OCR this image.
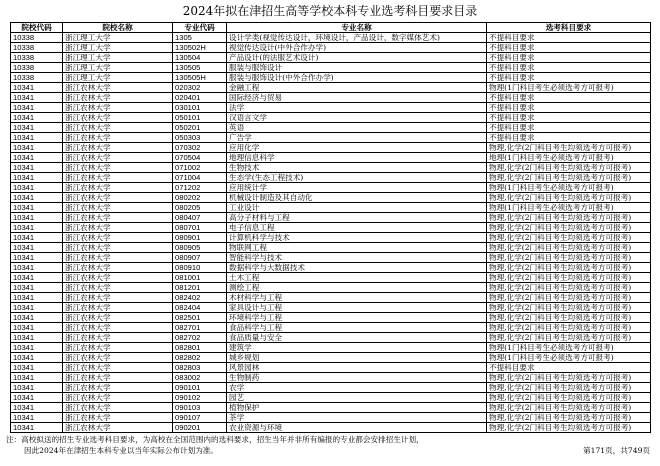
2024年拟在津招生高等学校本科专业选考科目要求目录
院校代码	院校名称	专业代码	专业名称	选考科目要求
10338	浙江理工大学	1305	设计学类(视觉传达设计，环境设计，产品设计，数字媒体艺术)	不提科目要求
10338	浙江理工大学	130502H	视觉传达设计(中外合作办学)	不提科目要求
10338	浙江理工大学	130504	产品设计(的法服艺术设计)	不提科目要求
10338	浙江理工大学	130505	服装与服饰设计	不提科目要求
10338	浙江理工大学	130505H	服装与服饰设计(中外合作办学)	不提科目要求
10341	浙江农林大学	020302	金融工程	物理(1门科目考生必须选考方可报考)
10341	浙江农林大学	020401	国际经济与贸易	不提科目要求
10341	浙江农林大学	030101	法学	不提科目要求
10341	浙江农林大学	050101	汉语言文学	不提科目要求
10341	浙江农林大学	050201	英语	不提科目要求
10341	浙江农林大学	050303	广告学	不提科目要求
10341	浙江农林大学	070302	应用化学	物理,化学(2门科目考生均须选考方可报考)
10341	浙江农林大学	070504	地理信息科学	地理(1门科目考生必须选考方可报考)
10341	浙江农林大学	071002	生物技术	物理,化学(2门科目考生均须选考方可报考)
10341	浙江农林大学	071004	生态学(生态工程技术)	物理,化学(2门科目考生均须选考方可报考)
10341	浙江农林大学	071202	应用统计学	物理(1门科目考生必须选考方可报考)
10341	浙江农林大学	080202	机械设计制造及其自动化	物理,化学(2门科目考生均须选考方可报考)
10341	浙江农林大学	080205	工业设计	物理(1门科目考生必须选考方可报考)
10341	浙江农林大学	080407	高分子材料与工程	物理,化学(2门科目考生均须选考方可报考)
10341	浙江农林大学	080701	电子信息工程	物理,化学(2门科目考生均须选考方可报考)
10341	浙江农林大学	080901	计算机科学与技术	物理,化学(2门科目考生均须选考方可报考)
10341	浙江农林大学	080905	物联网工程	物理,化学(2门科目考生均须选考方可报考)
10341	浙江农林大学	080907	智能科学与技术	物理,化学(2门科目考生均须选考方可报考)
10341	浙江农林大学	080910	数据科学与大数据技术	物理,化学(2门科目考生均须选考方可报考)
10341	浙江农林大学	081001	土木工程	物理,化学(2门科目考生均须选考方可报考)
10341	浙江农林大学	081201	测绘工程	物理,化学(2门科目考生均须选考方可报考)
10341	浙江农林大学	082402	木材科学与工程	物理,化学(2门科目考生均须选考方可报考)
10341	浙江农林大学	082404	家具设计与工程	物理,化学(2门科目考生均须选考方可报考)
10341	浙江农林大学	082501	环境科学与工程	物理,化学(2门科目考生均须选考方可报考)
10341	浙江农林大学	082701	食品科学与工程	物理,化学(2门科目考生均须选考方可报考)
10341	浙江农林大学	082702	食品质量与安全	物理,化学(2门科目考生均须选考方可报考)
10341	浙江农林大学	082801	建筑学	物理(1门科目考生必须选考方可报考)
10341	浙江农林大学	082802	城乡规划	物理(1门科目考生必须选考方可报考)
10341	浙江农林大学	082803	风景园林	不提科目要求
10341	浙江农林大学	083002	生物制药	物理,化学(2门科目考生均须选考方可报考)
10341	浙江农林大学	090101	农学	物理,化学(2门科目考生均须选考方可报考)
10341	浙江农林大学	090102	园艺	物理,化学(2门科目考生均须选考方可报考)
10341	浙江农林大学	090103	植物保护	物理,化学(2门科目考生均须选考方可报考)
10341	浙江农林大学	090107	茶学	物理,化学(2门科目考生均须选考方可报考)
10341	浙江农林大学	090201	农业资源与环境	物理,化学(2门科目考生均须选考方可报考)
注：高校拟送的招生专业选考科目要求，为高校在全国范围内的选科要求，招生当年并非所有编报的专业都会安排招生计划，
因此2024年在津招生本科专业以当年实际公布计划为准。	第171页，共749页
